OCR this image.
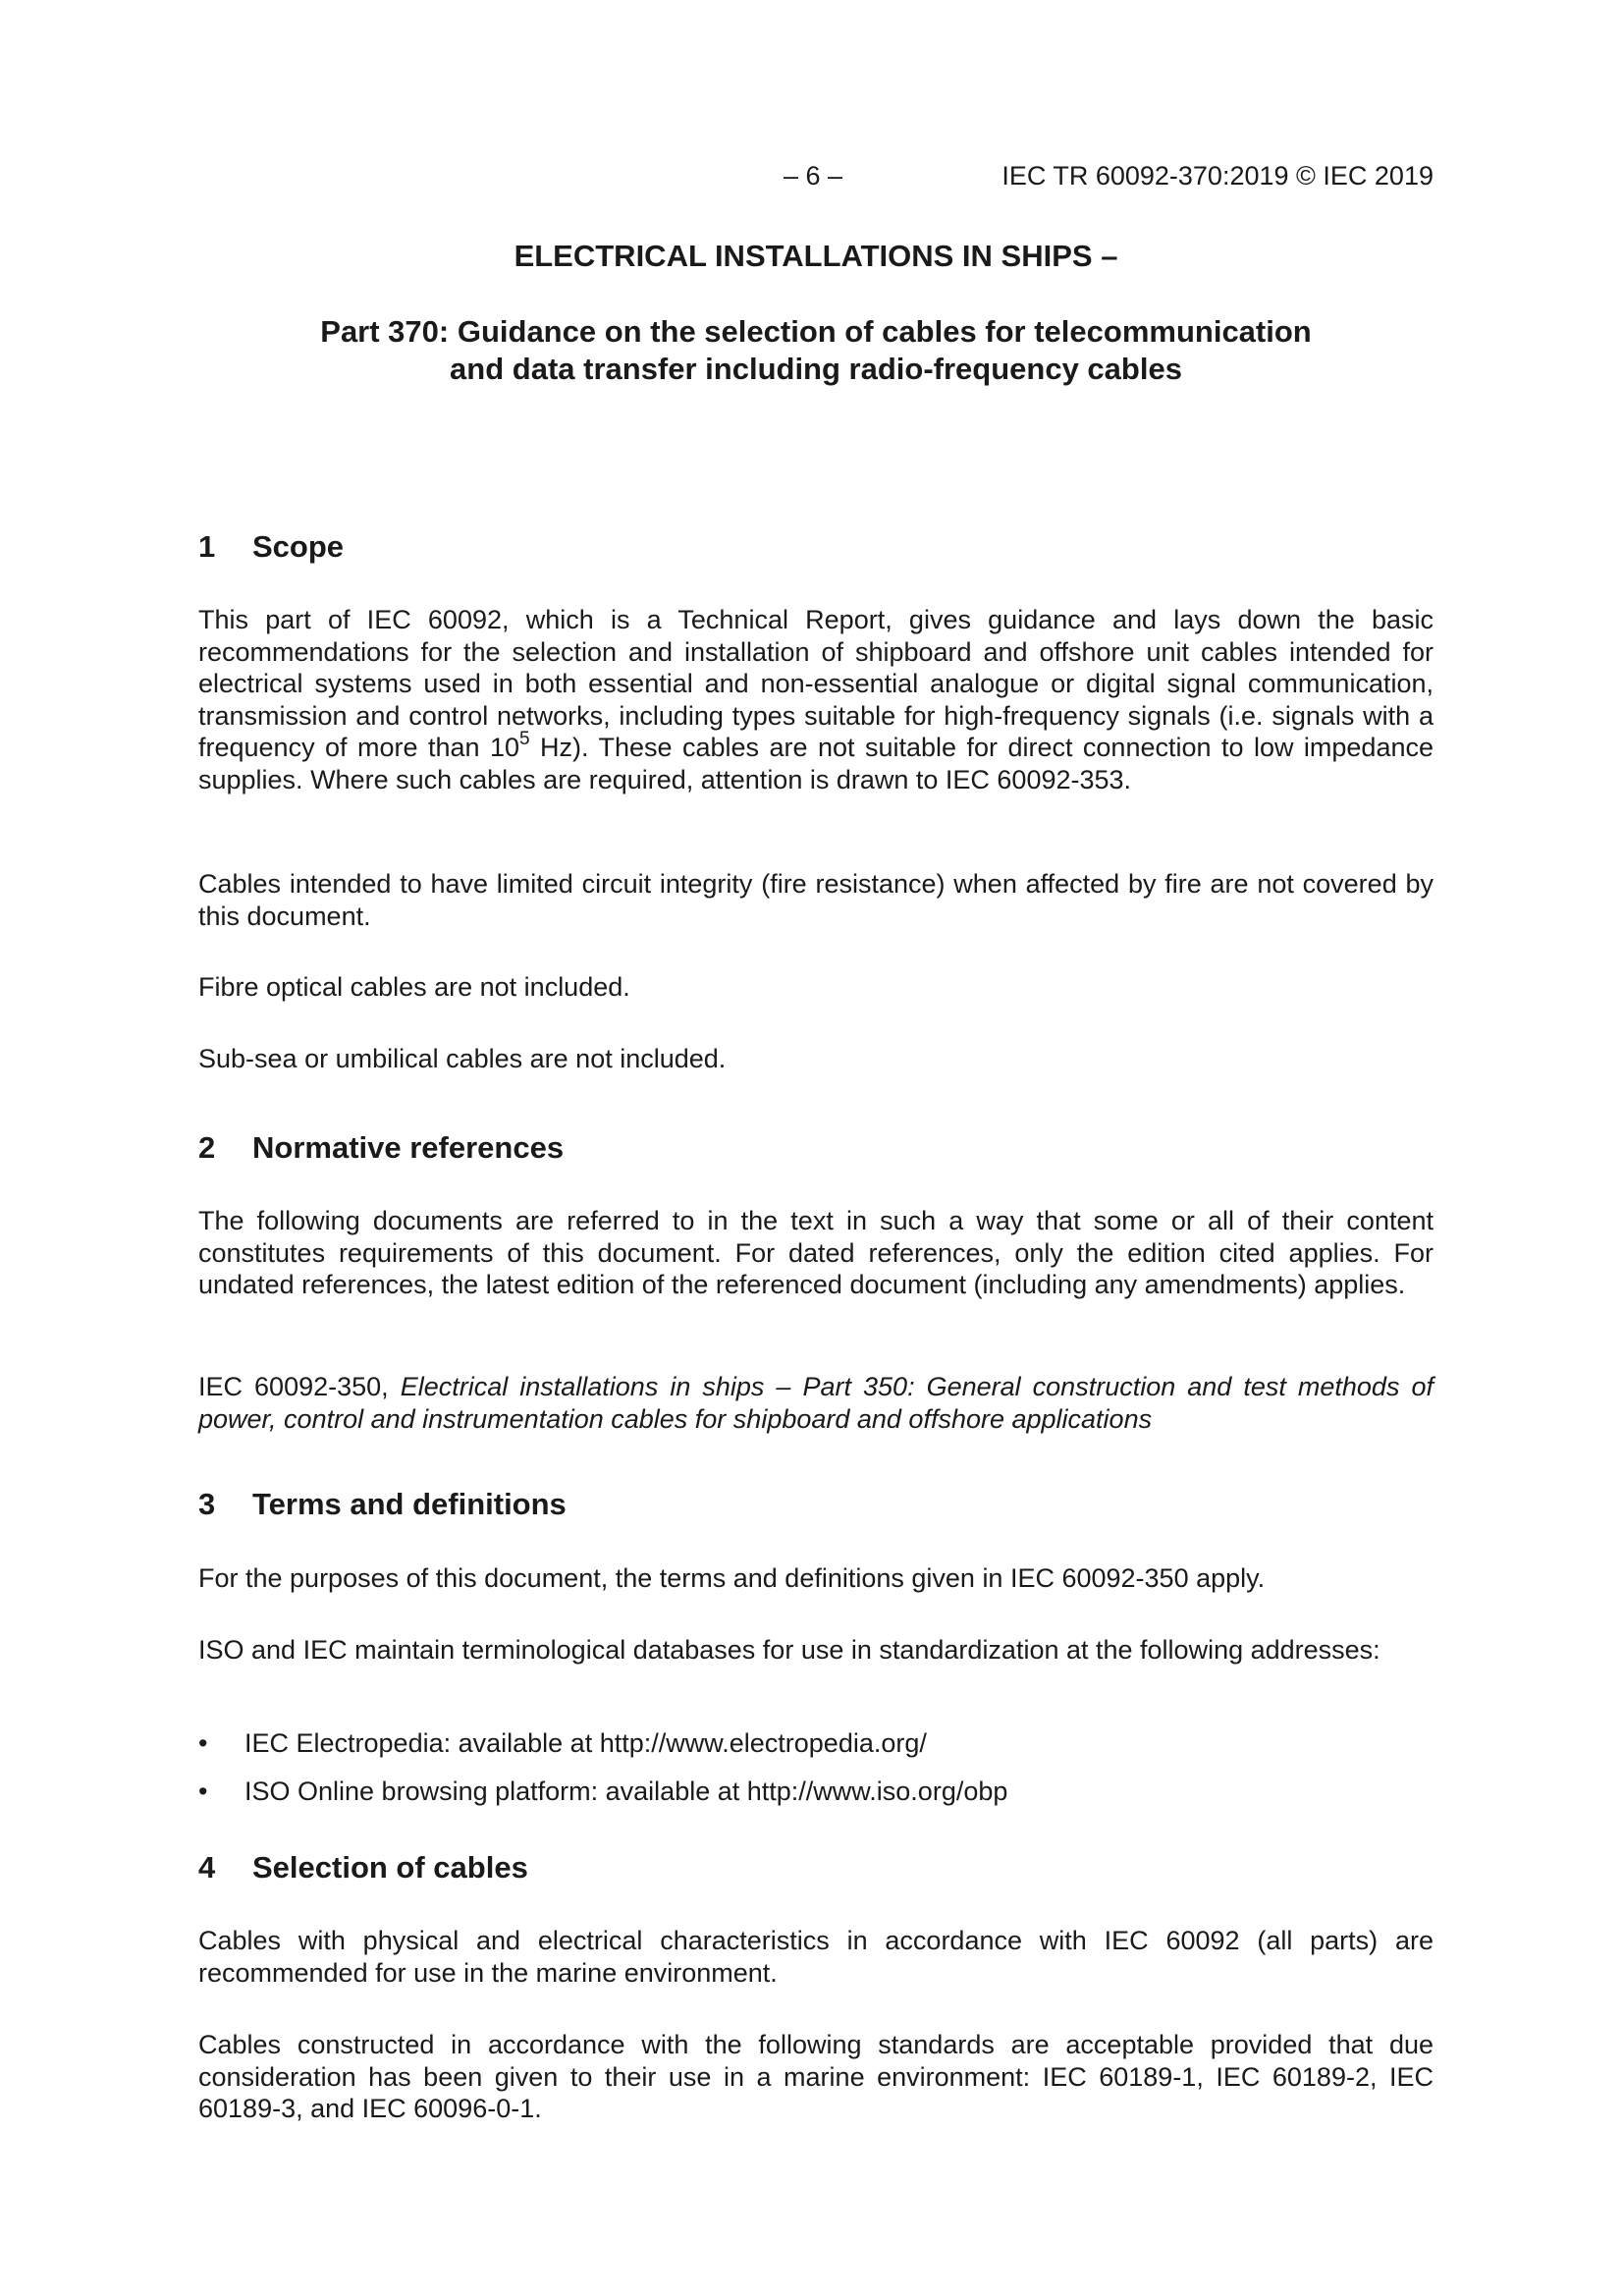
– 6 –	IEC TR 60092-370:2019 © IEC 2019
ELECTRICAL INSTALLATIONS IN SHIPS –
Part 370: Guidance on the selection of cables for telecommunication
and data transfer including radio-frequency cables
1 Scope
This part of IEC 60092, which is a Technical Report, gives guidance and lays down the basic recommendations for the selection and installation of shipboard and offshore unit cables intended for electrical systems used in both essential and non-essential analogue or digital signal communication, transmission and control networks, including types suitable for high-frequency signals (i.e. signals with a frequency of more than $10^5$ Hz). These cables are not suitable for direct connection to low impedance supplies. Where such cables are required, attention is drawn to IEC 60092-353.
Cables intended to have limited circuit integrity (fire resistance) when affected by fire are not covered by this document.
Fibre optical cables are not included.
Sub-sea or umbilical cables are not included.
2 Normative references
The following documents are referred to in the text in such a way that some or all of their content constitutes requirements of this document. For dated references, only the edition cited applies. For undated references, the latest edition of the referenced document (including any amendments) applies.
IEC 60092-350, Electrical installations in ships – Part 350: General construction and test methods of power, control and instrumentation cables for shipboard and offshore applications
3 Terms and definitions
For the purposes of this document, the terms and definitions given in IEC 60092-350 apply.
ISO and IEC maintain terminological databases for use in standardization at the following addresses:
• IEC Electropedia: available at http://www.electropedia.org/
• ISO Online browsing platform: available at http://www.iso.org/obp
4 Selection of cables
Cables with physical and electrical characteristics in accordance with IEC 60092 (all parts) are recommended for use in the marine environment.
Cables constructed in accordance with the following standards are acceptable provided that due consideration has been given to their use in a marine environment: IEC 60189-1, IEC 60189-2, IEC 60189-3, and IEC 60096-0-1.
